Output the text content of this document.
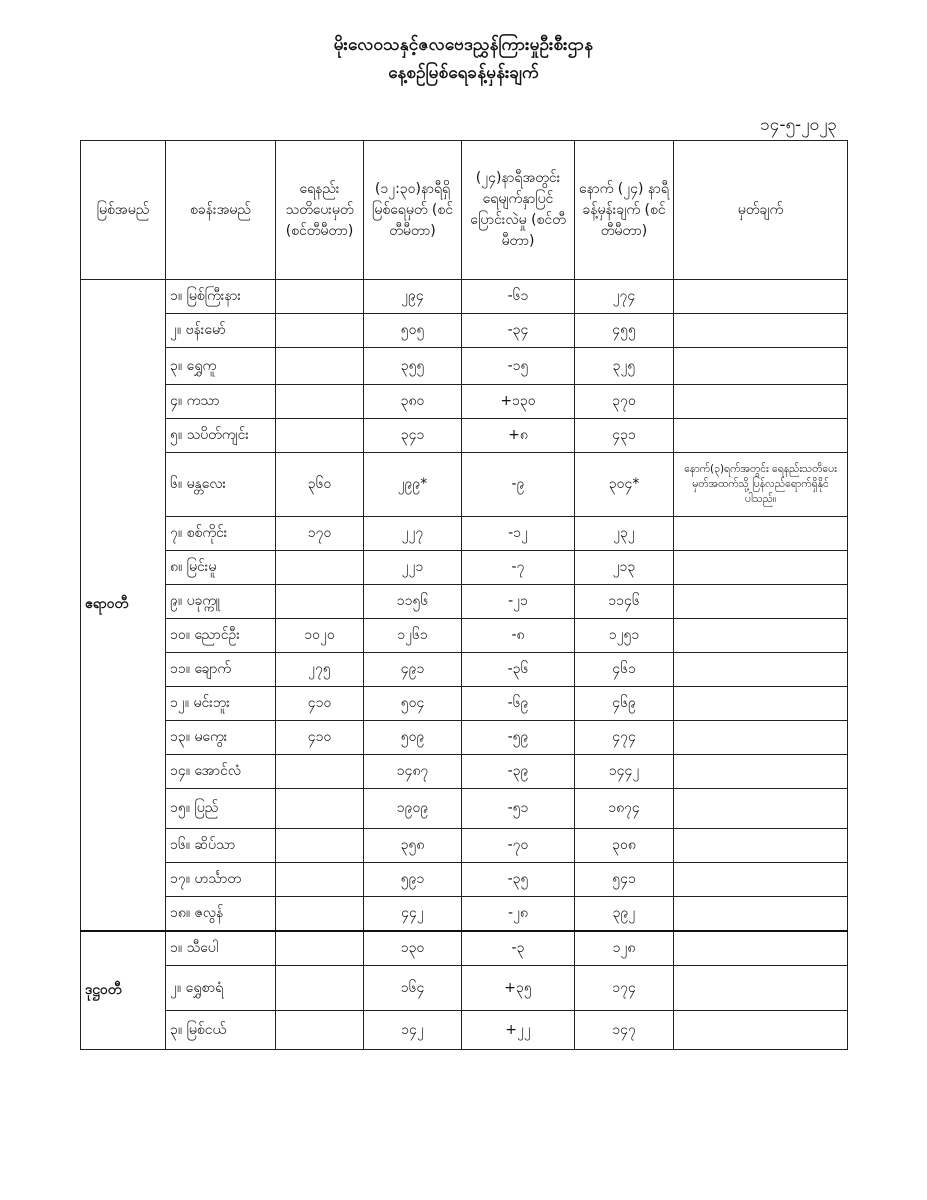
မိုးလေဝသနှင့်ဇလဗေဒညွှန်ကြားမှုဦးစီးဌာန
နေ့စဉ်မြစ်ရေခန့်မှန်းချက်
၁၄-၅-၂၀၂၃
မြစ်အမည်	စခန်းအမည်	ရေနည်း သတိပေးမှတ် (စင်တီမီတာ)	(၁၂:၃၀)နာရီရှိ မြစ်ရေမှတ် (စင်တီမီတာ)	(၂၄)နာရီအတွင်း ရေမျက်နှာပြင် ပြောင်းလဲမှု (စင်တီမီတာ)	နောက် (၂၄) နာရီ ခန့်မှန်းချက် (စင်တီမီတာ)	မှတ်ချက်
ဧရာဝတီ	၁။ မြစ်ကြီးနား		၂၉၄	-၆၁	၂၇၄	
	၂။ ဗန်းမော်		၅၀၅	-၃၄	၄၅၅	
	၃။ ရွှေကူ		၃၅၅	-၁၅	၃၂၅	
	၄။ ကသာ		၃၈၀	+၁၃၀	၃၇၀	
	၅။ သပိတ်ကျင်း		၃၄၁	+၈	၄၃၁	
	၆။ မန္တလေး	၃၆၀	၂၉၉*	-၉	၃၀၄*	နောက်(၃)ရက်အတွင်း ရေနည်းသတိပေးမှတ်အထက်သို့ ပြန်လည်ရောက်ရှိနိုင်ပါသည်။
	၇။ စစ်ကိုင်း	၁၇၀	၂၂၇	-၁၂	၂၃၂	
	၈။ မြင်းမူ		၂၂၁	-၇	၂၁၃	
	၉။ ပခုက္ကူ		၁၁၅၆	-၂၁	၁၁၄၆	
	၁၀။ ညောင်ဦး	၁၀၂၀	၁၂၆၁	-၈	၁၂၅၁	
	၁၁။ ချောက်	၂၇၅	၄၉၁	-၃၆	၄၆၁	
	၁၂။ မင်းဘူး	၄၁၀	၅၀၄	-၆၉	၄၆၉	
	၁၃။ မကွေး	၄၁၀	၅၀၉	-၅၉	၄၇၄	
	၁၄။ အောင်လံ		၁၄၈၇	-၃၉	၁၄၄၂	
	၁၅။ ပြည်		၁၉၀၉	-၅၁	၁၈၇၄	
	၁၆။ ဆိပ်သာ		၃၅၈	-၇၀	၃၀၈	
	၁၇။ ဟင်္သာတ		၅၉၁	-၃၅	၅၄၁	
	၁၈။ ဇလွန်		၄၄၂	-၂၈	၃၉၂	
ဒုဋ္ဌဝတီ	၁။ သီပေါ		၁၃၀	-၃	၁၂၈	
	၂။ ရွှေစာရံ		၁၆၄	+၃၅	၁၇၄	
	၃။ မြစ်ငယ်		၁၄၂	+၂၂	၁၄၇	
